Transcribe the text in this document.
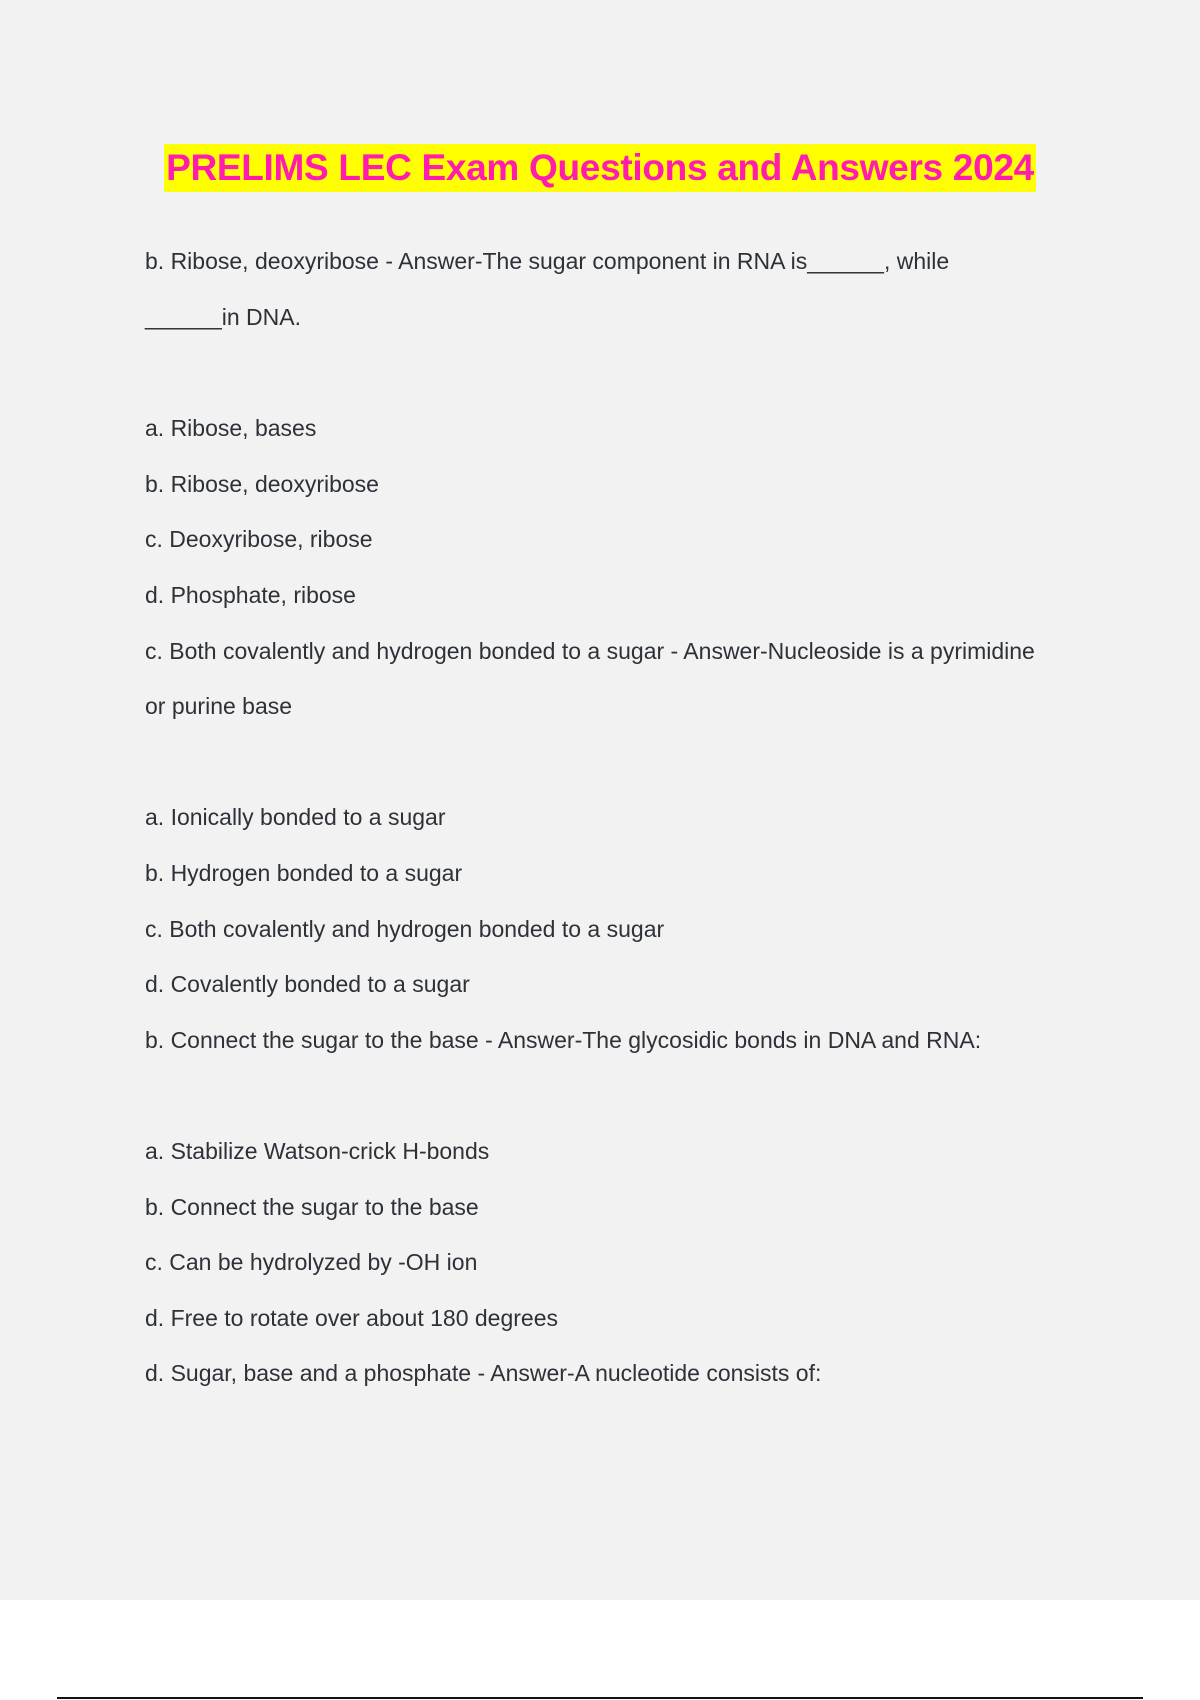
PRELIMS LEC Exam Questions and Answers 2024
b. Ribose, deoxyribose - Answer-The sugar component in RNA is______, while
______in DNA.
a. Ribose, bases
b. Ribose, deoxyribose
c. Deoxyribose, ribose
d. Phosphate, ribose
c. Both covalently and hydrogen bonded to a sugar - Answer-Nucleoside is a pyrimidine
or purine base
a. Ionically bonded to a sugar
b. Hydrogen bonded to a sugar
c. Both covalently and hydrogen bonded to a sugar
d. Covalently bonded to a sugar
b. Connect the sugar to the base - Answer-The glycosidic bonds in DNA and RNA:
a. Stabilize Watson-crick H-bonds
b. Connect the sugar to the base
c. Can be hydrolyzed by -OH ion
d. Free to rotate over about 180 degrees
d. Sugar, base and a phosphate - Answer-A nucleotide consists of:
